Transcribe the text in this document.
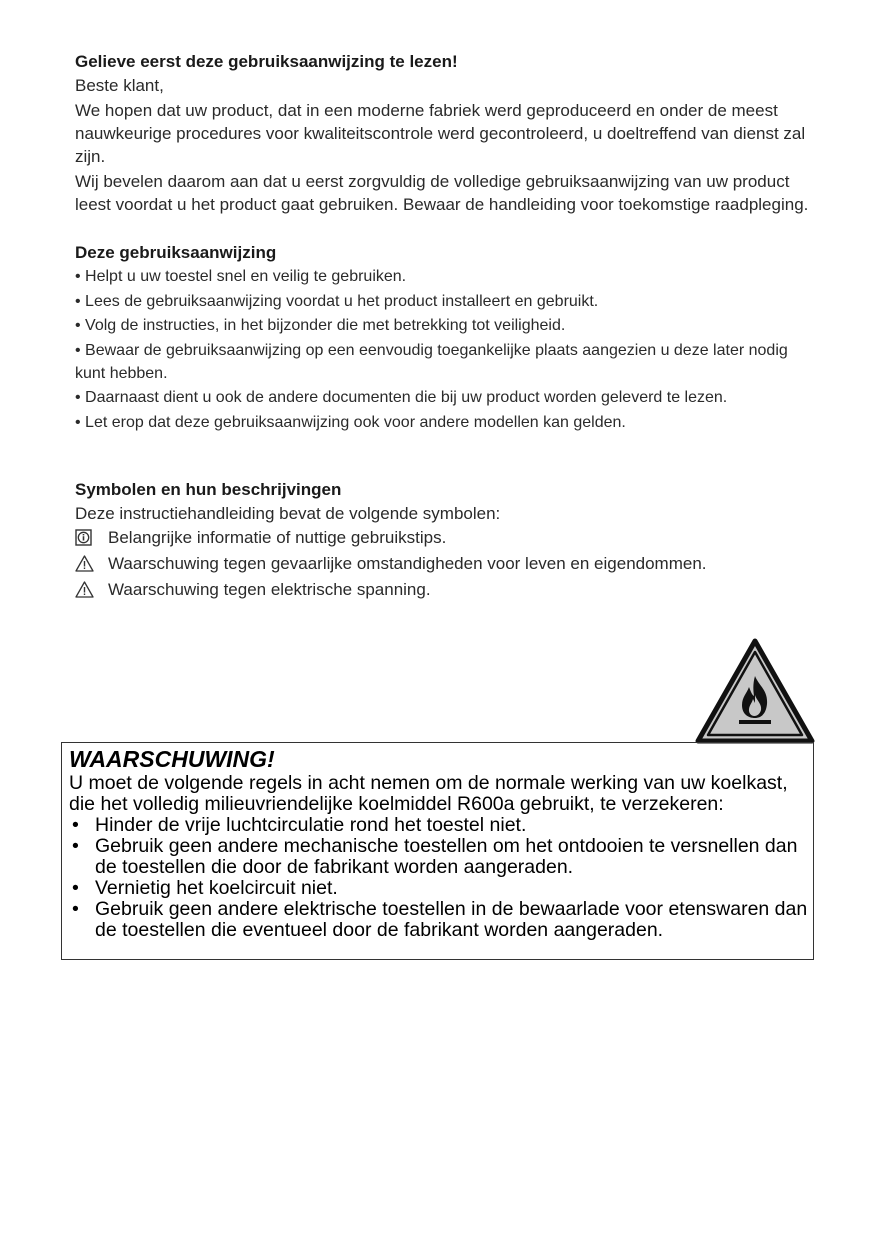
Gelieve eerst deze gebruiksaanwijzing te lezen!

Beste klant,

We hopen dat uw product, dat in een moderne fabriek werd geproduceerd en onder de meest nauwkeurige procedures voor kwaliteitscontrole werd gecontroleerd, u doeltreffend van dienst zal zijn.

Wij bevelen daarom aan dat u eerst zorgvuldig de volledige gebruiksaanwijzing van uw product leest voordat u het product gaat gebruiken. Bewaar de handleiding voor toekomstige raadpleging.

Deze gebruiksaanwijzing
• Helpt u uw toestel snel en veilig te gebruiken.
• Lees de gebruiksaanwijzing voordat u het product installeert en gebruikt.
• Volg de instructies, in het bijzonder die met betrekking tot veiligheid.
• Bewaar de gebruiksaanwijzing op een eenvoudig toegankelijke plaats aangezien u deze later nodig kunt hebben.
• Daarnaast dient u ook de andere documenten die bij uw product worden geleverd te lezen.
• Let erop dat deze gebruiksaanwijzing ook voor andere modellen kan gelden.
Symbolen en hun beschrijvingen

Deze instructiehandleiding bevat de volgende symbolen:

Belangrijke informatie of nuttige gebruikstips.
Waarschuwing tegen gevaarlijke omstandigheden voor leven en eigendommen.
Waarschuwing tegen elektrische spanning.
WAARSCHUWING!

U moet de volgende regels in acht nemen om de normale werking van uw koelkast, die het volledig milieuvriendelijke koelmiddel R600a gebruikt, te verzekeren:

• Hinder de vrije luchtcirculatie rond het toestel niet.
• Gebruik geen andere mechanische toestellen om het ontdooien te versnellen dan de toestellen die door de fabrikant worden aangeraden.
• Vernietig het koelcircuit niet.
• Gebruik geen andere elektrische toestellen in de bewaarlade voor etenswaren dan de toestellen die eventueel door de fabrikant worden aangeraden.
